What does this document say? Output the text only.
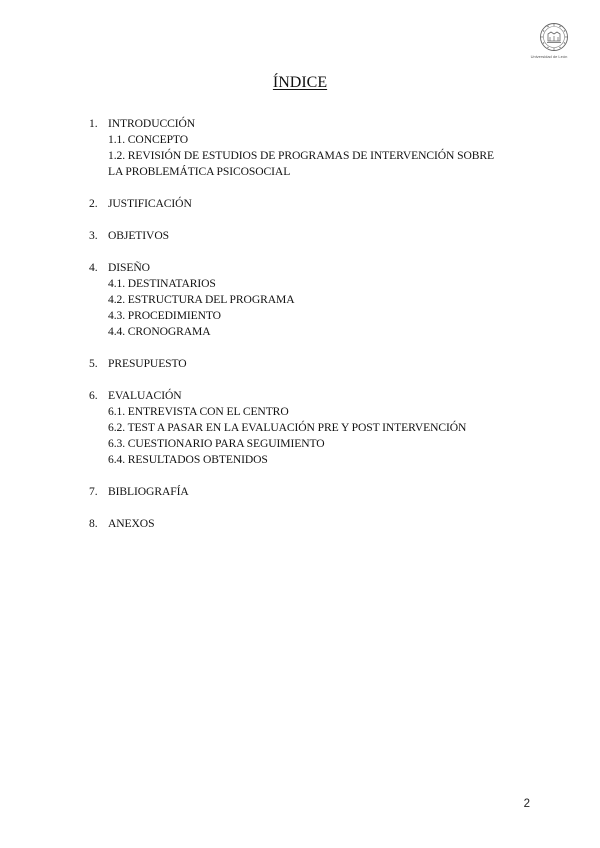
Universidad de León
ÍNDICE
1. INTRODUCCIÓN
1.1. CONCEPTO
1.2. REVISIÓN DE ESTUDIOS DE PROGRAMAS DE INTERVENCIÓN SOBRE
LA PROBLEMÁTICA PSICOSOCIAL
2. JUSTIFICACIÓN
3. OBJETIVOS
4. DISEÑO
4.1. DESTINATARIOS
4.2. ESTRUCTURA DEL PROGRAMA
4.3. PROCEDIMIENTO
4.4. CRONOGRAMA
5. PRESUPUESTO
6. EVALUACIÓN
6.1. ENTREVISTA CON EL CENTRO
6.2. TEST A PASAR EN LA EVALUACIÓN PRE Y POST INTERVENCIÓN
6.3. CUESTIONARIO PARA SEGUIMIENTO
6.4. RESULTADOS OBTENIDOS
7. BIBLIOGRAFÍA
8. ANEXOS
2
